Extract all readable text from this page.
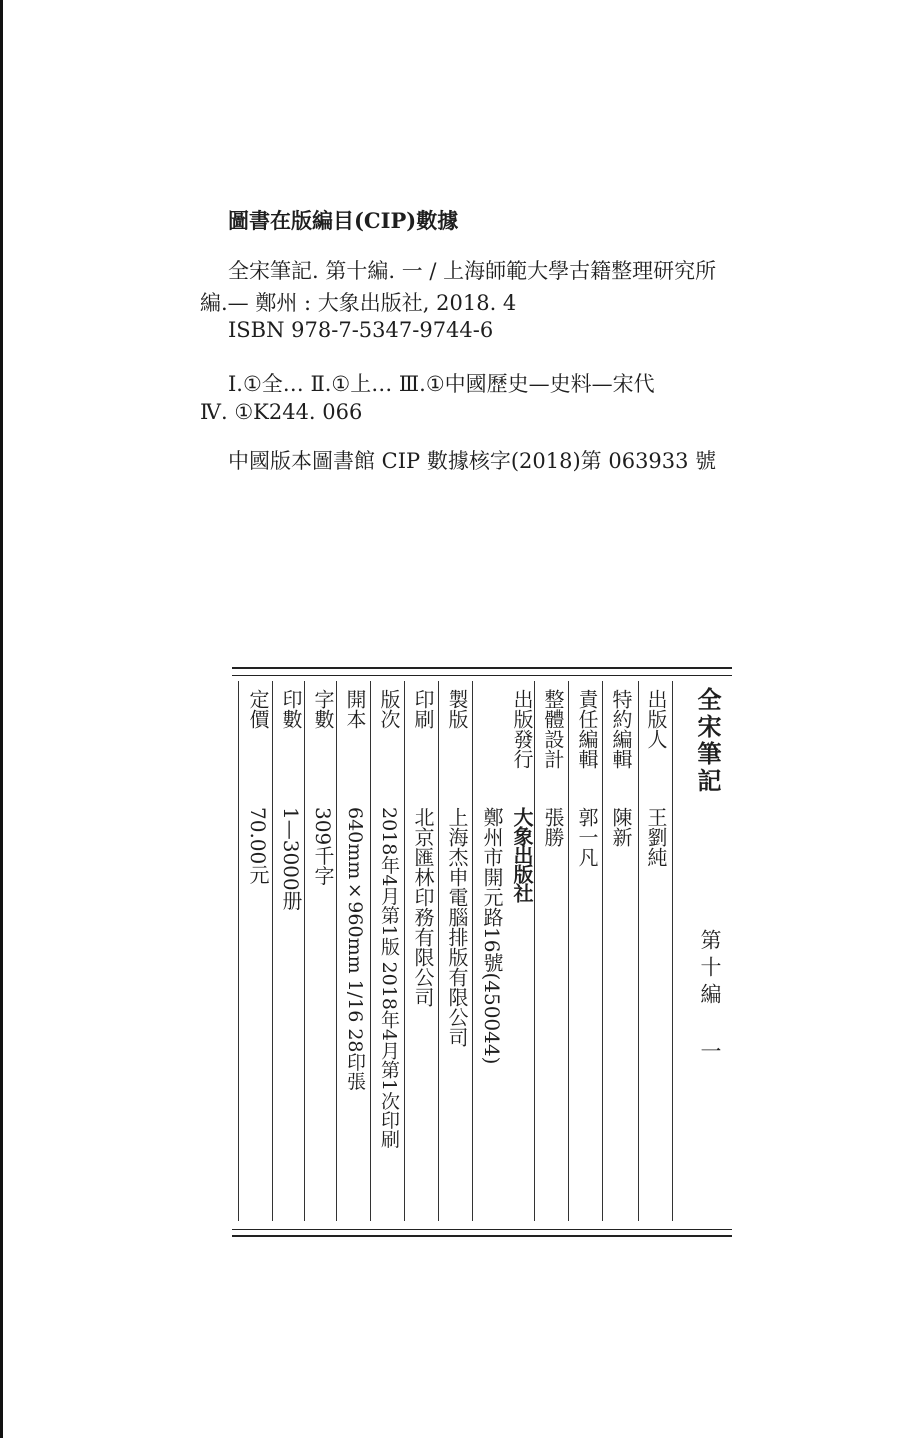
圖書在版編目(CIP)數據
全宋筆記. 第十編. 一 / 上海師範大學古籍整理研究所
編.— 鄭州 : 大象出版社, 2018. 4
ISBN 978-7-5347-9744-6
Ⅰ.①全… Ⅱ.①上… Ⅲ.①中國歷史—史料—宋代
Ⅳ. ①K244. 066
中國版本圖書館 CIP 數據核字(2018)第 063933 號
全宋筆記
第十編 一
出版人
王劉純
特約編輯
陳新
責任編輯
郭一凡
整體設計
張勝
出版發行
大象出版社
鄭州市開元路16號(450044)
製版
上海杰申電腦排版有限公司
印刷
北京匯林印務有限公司
版次
2018年4月第1版 2018年4月第1次印刷
開本
640mm×960mm 1/16 28印張
字數
309千字
印數
1—3000册
定價
70.00元
